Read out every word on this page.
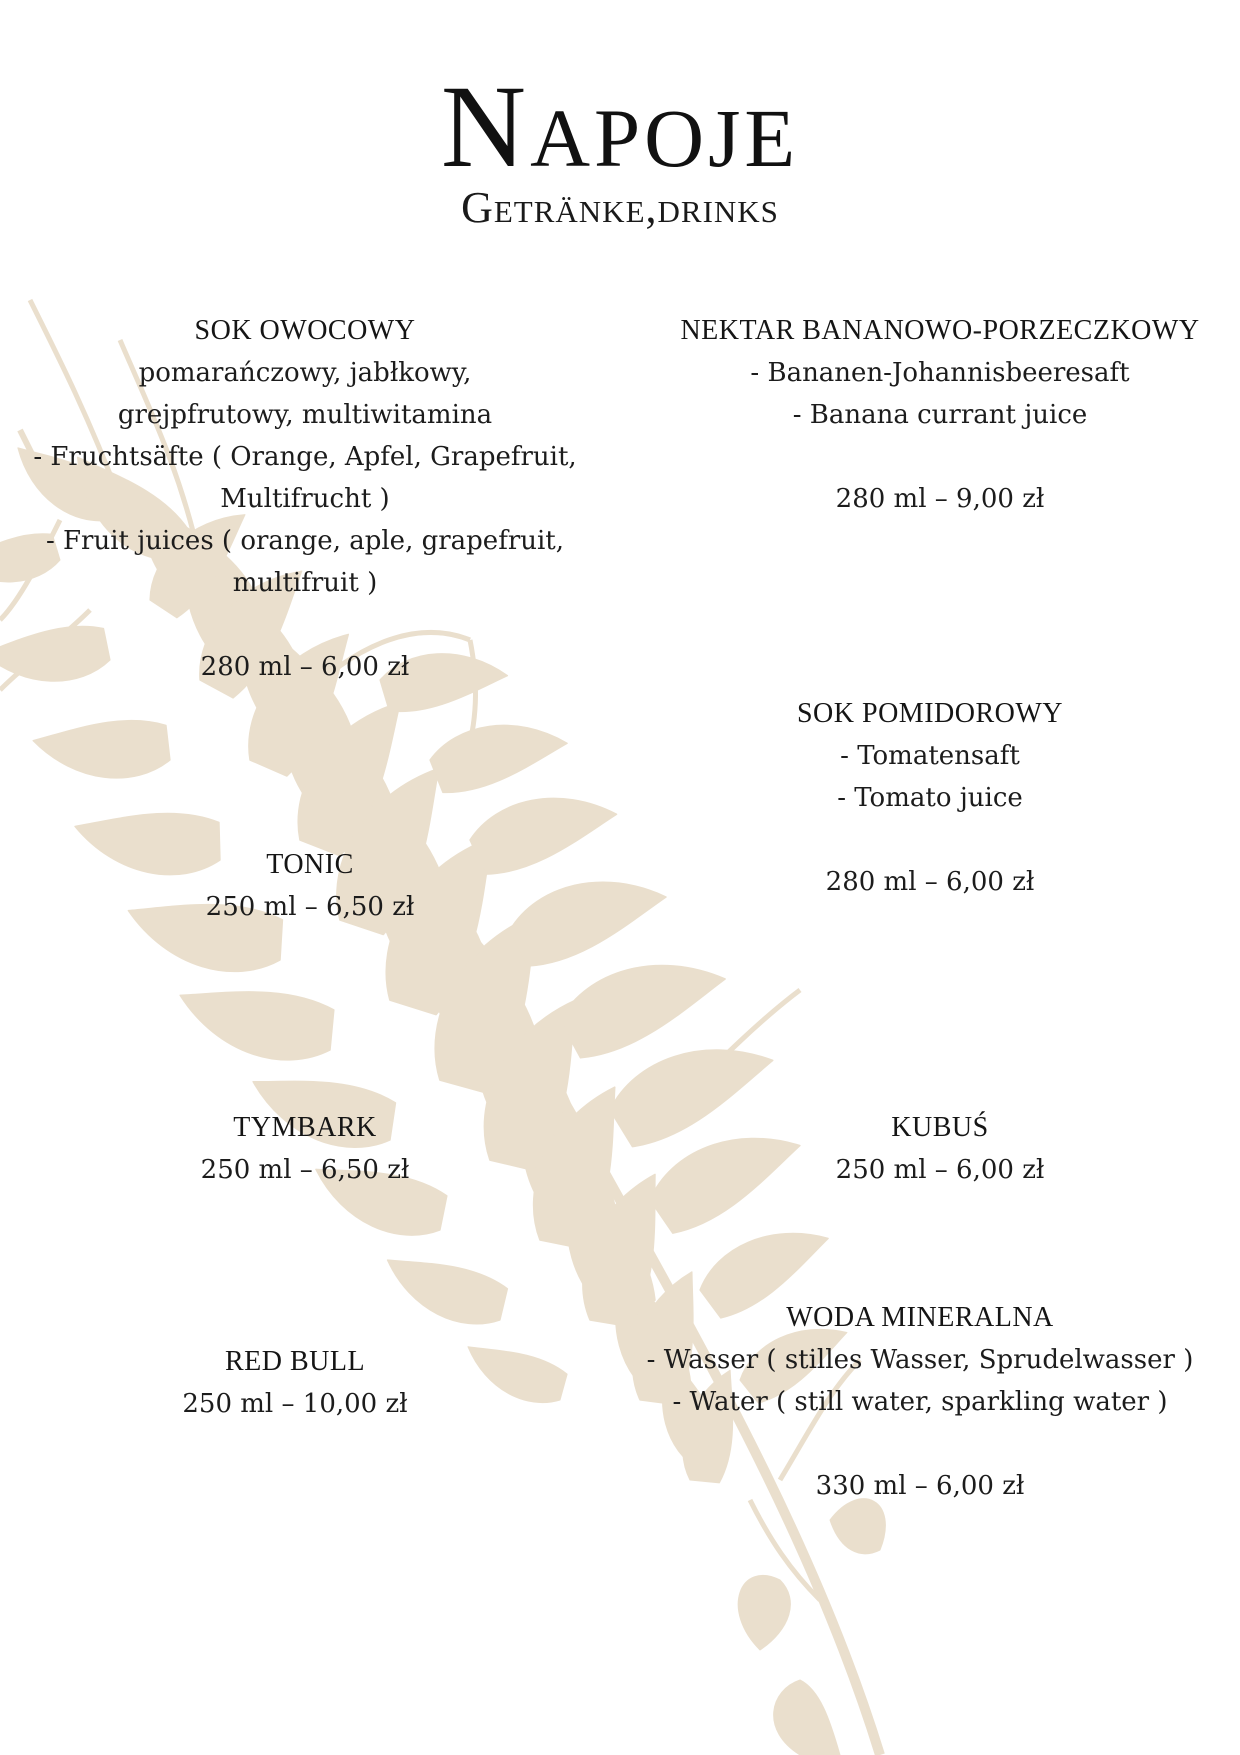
Napoje
Getränke,drinks
SOK OWOCOWY
pomarańczowy, jabłkowy,
grejpfrutowy, multiwitamina
- Fruchtsäfte ( Orange, Apfel, Grapefruit,
Multifrucht )
- Fruit juices ( orange, aple, grapefruit,
multifruit )
280 ml – 6,00 zł
NEKTAR BANANOWO-PORZECZKOWY
- Bananen-Johannisbeeresaft
- Banana currant juice
280 ml – 9,00 zł
SOK POMIDOROWY
- Tomatensaft
- Tomato juice
280 ml – 6,00 zł
TONIC
250 ml – 6,50 zł
TYMBARK
250 ml – 6,50 zł
KUBUŚ
250 ml – 6,00 zł
RED BULL
250 ml – 10,00 zł
WODA MINERALNA
- Wasser ( stilles Wasser, Sprudelwasser )
- Water ( still water, sparkling water )
330 ml – 6,00 zł
